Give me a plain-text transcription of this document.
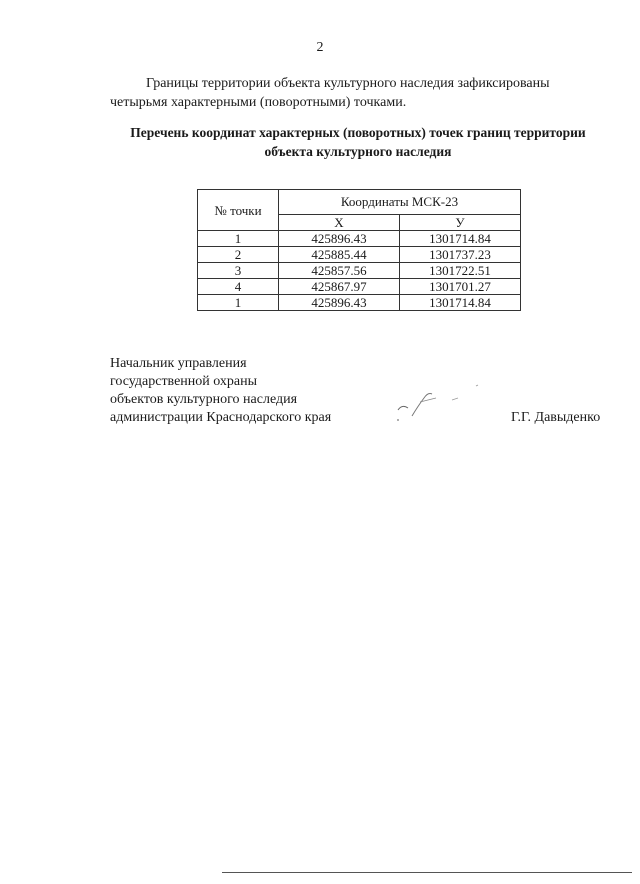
2
Границы территории объекта культурного наследия зафиксированы четырьмя характерными (поворотными) точками.
Перечень координат характерных (поворотных) точек границ территории
объекта культурного наследия
№ точки	Координаты МСК-23	
	Х	У
1	425896.43	1301714.84
2	425885.44	1301737.23
3	425857.56	1301722.51
4	425867.97	1301701.27
1	425896.43	1301714.84
Начальник управления
государственной охраны
объектов культурного наследия
администрации Краснодарского края	Г.Г. Давыденко
